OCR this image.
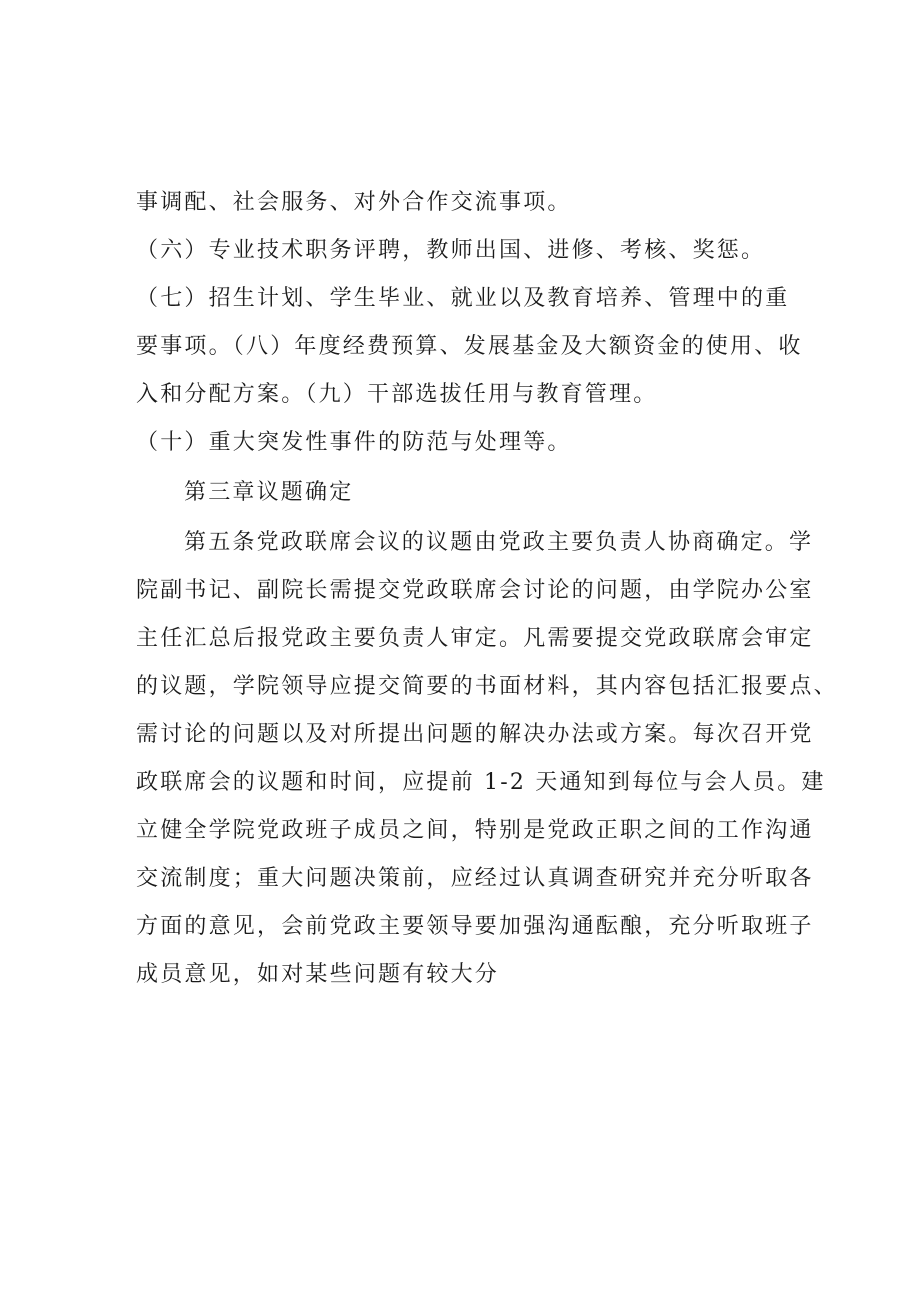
事调配、社会服务、对外合作交流事项。
（六）专业技术职务评聘，教师出国、进修、考核、奖惩。
（七）招生计划、学生毕业、就业以及教育培养、管理中的重
要事项。（八）年度经费预算、发展基金及大额资金的使用、收
入和分配方案。（九）干部选拔任用与教育管理。
（十）重大突发性事件的防范与处理等。
第三章议题确定
第五条党政联席会议的议题由党政主要负责人协商确定。学
院副书记、副院长需提交党政联席会讨论的问题，由学院办公室
主任汇总后报党政主要负责人审定。凡需要提交党政联席会审定
的议题，学院领导应提交简要的书面材料，其内容包括汇报要点、
需讨论的问题以及对所提出问题的解决办法或方案。每次召开党
政联席会的议题和时间，应提前 1-2 天通知到每位与会人员。建
立健全学院党政班子成员之间，特别是党政正职之间的工作沟通
交流制度；重大问题决策前，应经过认真调查研究并充分听取各
方面的意见，会前党政主要领导要加强沟通酝酿，充分听取班子
成员意见，如对某些问题有较大分
